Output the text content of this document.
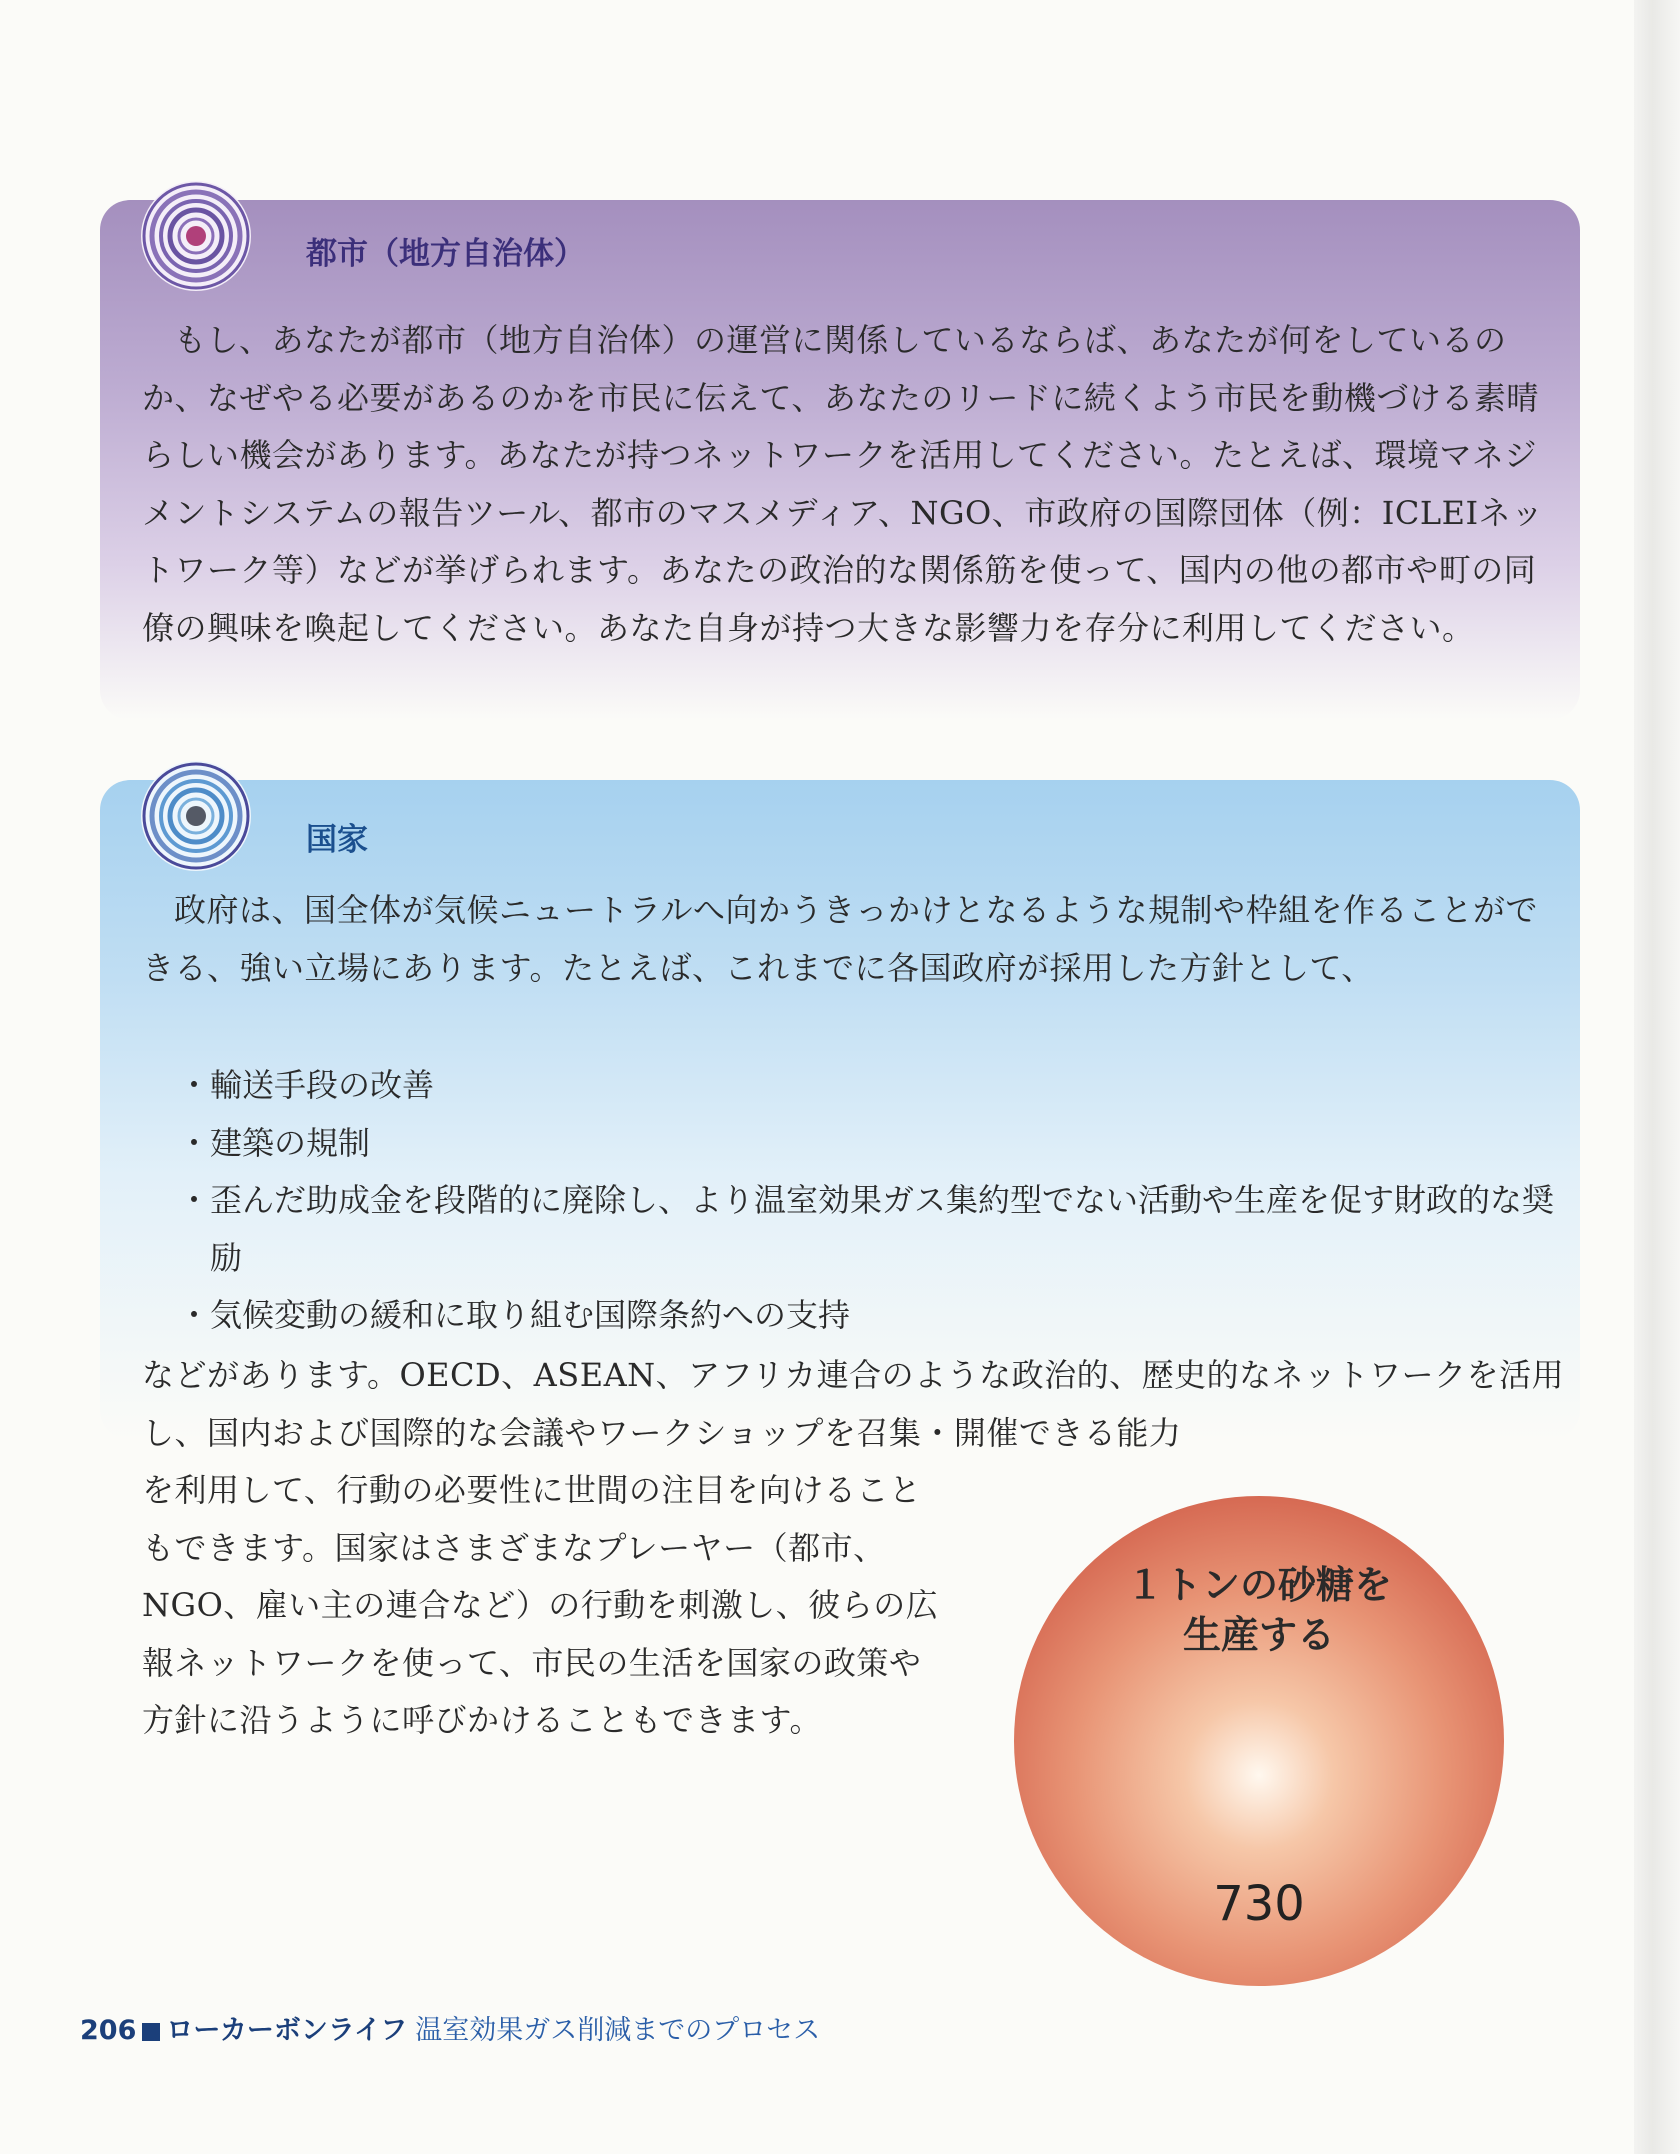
都市（地方自治体）

もし、あなたが都市（地方自治体）の運営に関係しているならば、あなたが何をしているのか、なぜやる必要があるのかを市民に伝えて、あなたのリードに続くよう市民を動機づける素晴らしい機会があります。あなたが持つネットワークを活用してください。たとえば、環境マネジメントシステムの報告ツール、都市のマスメディア、NGO、市政府の国際団体（例：ICLEIネットワーク等）などが挙げられます。あなたの政治的な関係筋を使って、国内の他の都市や町の同僚の興味を喚起してください。あなた自身が持つ大きな影響力を存分に利用してください。

国家

政府は、国全体が気候ニュートラルへ向かうきっかけとなるような規制や枠組を作ることができる、強い立場にあります。たとえば、これまでに各国政府が採用した方針として、

・ 輸送手段の改善
・ 建築の規制
・ 歪んだ助成金を段階的に廃除し、より温室効果ガス集約型でない活動や生産を促す財政的な奨励
・ 気候変動の緩和に取り組む国際条約への支持

などがあります。OECD、ASEAN、アフリカ連合のような政治的、歴史的なネットワークを活用し、国内および国際的な会議やワークショップを召集・開催できる能力

を利用して、行動の必要性に世間の注目を向けることもできます。国家はさまざまなプレーヤー（都市、NGO、雇い主の連合など）の行動を刺激し、彼らの広報ネットワークを使って、市民の生活を国家の政策や方針に沿うように呼びかけることもできます。

１トンの砂糖を
生産する
730
206 ローカーボンライフ 温室効果ガス削減までのプロセス
